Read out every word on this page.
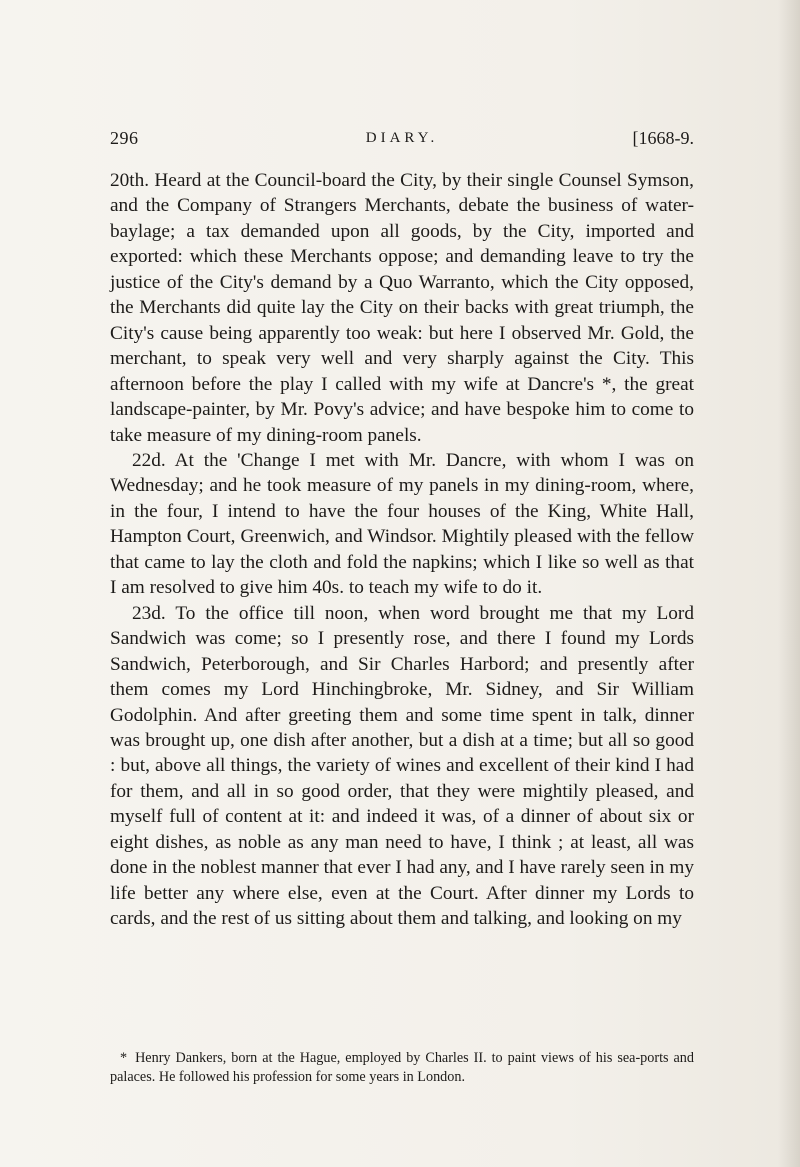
296	DIARY.	[1668-9.

20th. Heard at the Council-board the City, by their single Counsel Symson, and the Company of Strangers Merchants, debate the business of water-baylage; a tax demanded upon all goods, by the City, imported and exported: which these Merchants oppose; and demanding leave to try the justice of the City's demand by a Quo Warranto, which the City opposed, the Merchants did quite lay the City on their backs with great triumph, the City's cause being apparently too weak: but here I observed Mr. Gold, the merchant, to speak very well and very sharply against the City. This afternoon before the play I called with my wife at Dancre's *, the great landscape-painter, by Mr. Povy's advice; and have bespoke him to come to take measure of my dining-room panels.

22d. At the 'Change I met with Mr. Dancre, with whom I was on Wednesday; and he took measure of my panels in my dining-room, where, in the four, I intend to have the four houses of the King, White Hall, Hampton Court, Greenwich, and Windsor. Mightily pleased with the fellow that came to lay the cloth and fold the napkins; which I like so well as that I am resolved to give him 40s. to teach my wife to do it.

23d. To the office till noon, when word brought me that my Lord Sandwich was come; so I presently rose, and there I found my Lords Sandwich, Peterborough, and Sir Charles Harbord; and presently after them comes my Lord Hinchingbroke, Mr. Sidney, and Sir William Godolphin. And after greeting them and some time spent in talk, dinner was brought up, one dish after another, but a dish at a time; but all so good : but, above all things, the variety of wines and excellent of their kind I had for them, and all in so good order, that they were mightily pleased, and myself full of content at it: and indeed it was, of a dinner of about six or eight dishes, as noble as any man need to have, I think ; at least, all was done in the noblest manner that ever I had any, and I have rarely seen in my life better any where else, even at the Court. After dinner my Lords to cards, and the rest of us sitting about them and talking, and looking on my

* Henry Dankers, born at the Hague, employed by Charles II. to paint views of his sea-ports and palaces. He followed his profession for some years in London.
